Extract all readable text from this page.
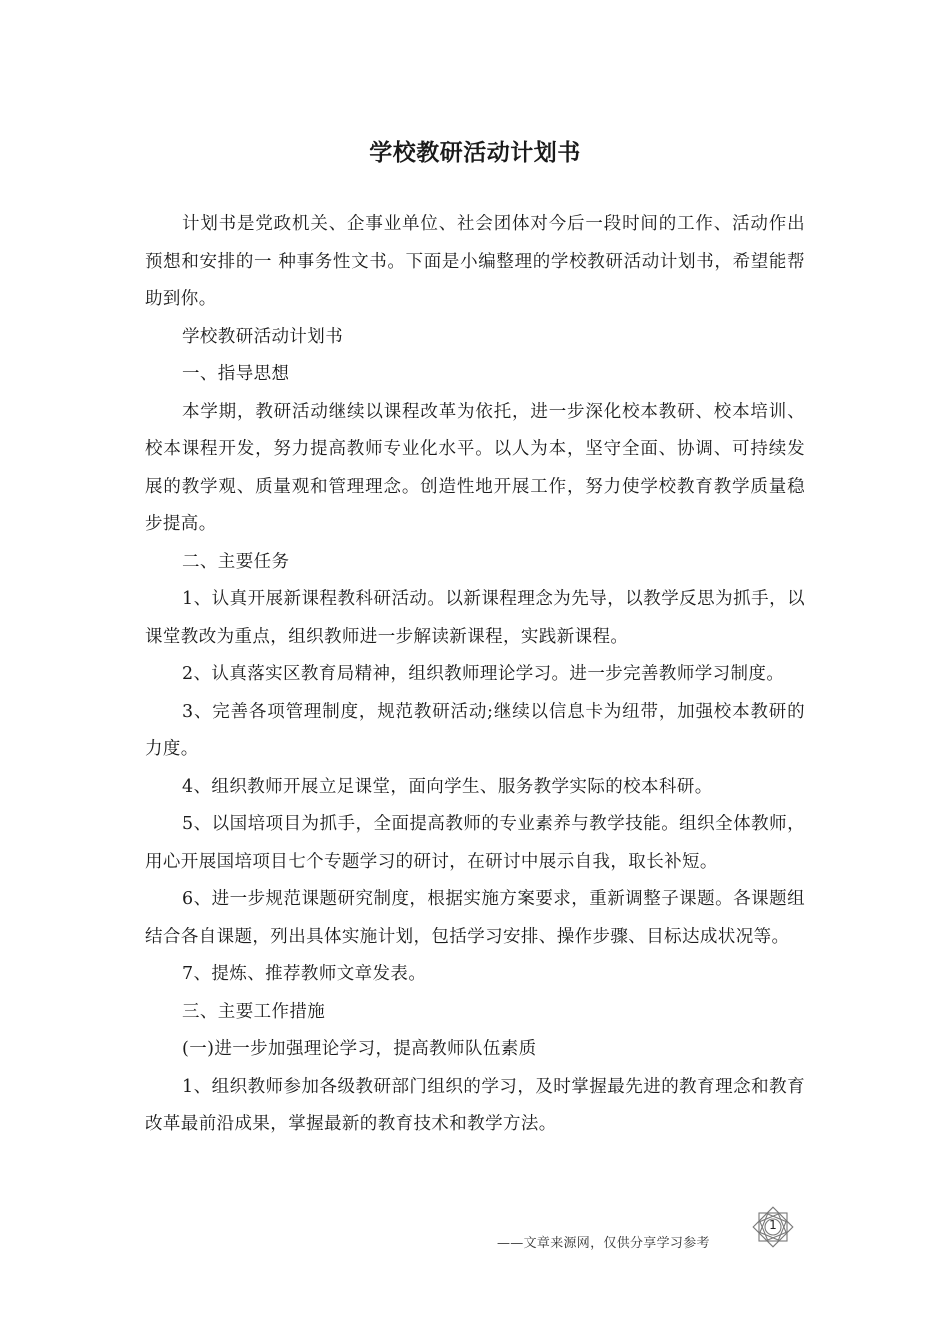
学校教研活动计划书

计划书是党政机关、企事业单位、社会团体对今后一段时间的工作、活动作出预想和安排的一 种事务性文书。下面是小编整理的学校教研活动计划书，希望能帮助到你。

学校教研活动计划书

一、指导思想

本学期，教研活动继续以课程改革为依托，进一步深化校本教研、校本培训、校本课程开发，努力提高教师专业化水平。以人为本，坚守全面、协调、可持续发展的教学观、质量观和管理理念。创造性地开展工作，努力使学校教育教学质量稳步提高。

二、主要任务

1、认真开展新课程教科研活动。以新课程理念为先导，以教学反思为抓手，以课堂教改为重点，组织教师进一步解读新课程，实践新课程。

2、认真落实区教育局精神，组织教师理论学习。进一步完善教师学习制度。

3、完善各项管理制度，规范教研活动;继续以信息卡为纽带，加强校本教研的力度。

4、组织教师开展立足课堂，面向学生、服务教学实际的校本科研。

5、以国培项目为抓手，全面提高教师的专业素养与教学技能。组织全体教师，用心开展国培项目七个专题学习的研讨，在研讨中展示自我，取长补短。

6、进一步规范课题研究制度，根据实施方案要求，重新调整子课题。各课题组结合各自课题，列出具体实施计划，包括学习安排、操作步骤、目标达成状况等。

7、提炼、推荐教师文章发表。

三、主要工作措施

(一)进一步加强理论学习，提高教师队伍素质

1、组织教师参加各级教研部门组织的学习，及时掌握最先进的教育理念和教育改革最前沿成果，掌握最新的教育技术和教学方法。

——文章来源网，仅供分享学习参考
1
